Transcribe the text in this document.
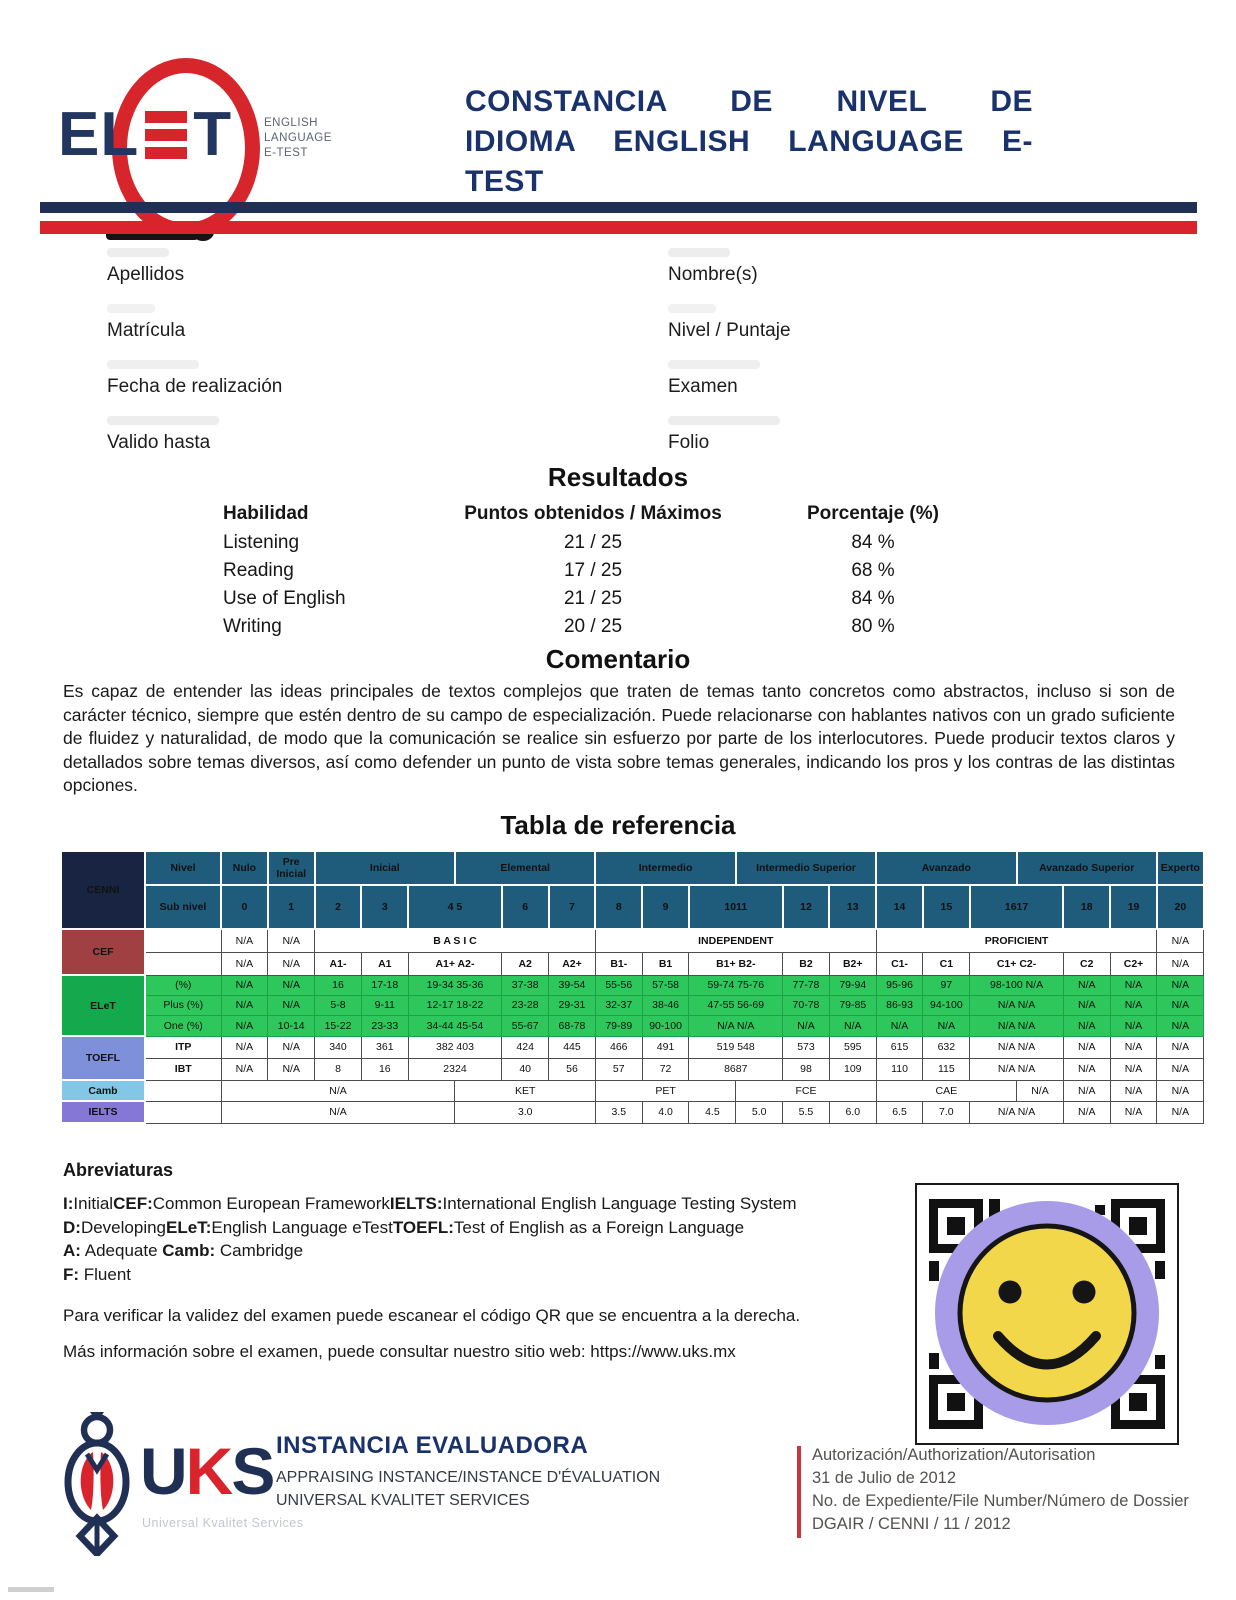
EL T	ENGLISH
LANGUAGE
E-TEST
CONSTANCIA DE NIVEL DE
IDIOMA ENGLISH LANGUAGE E-
TEST
Apellidos
Matrícula
Fecha de realización
Valido hasta
Nombre(s)
Nivel / Puntaje
Examen
Folio
Resultados
Habilidad	Puntos obtenidos / Máximos	Porcentaje (%)
Listening	21 / 25	84 %
Reading	17 / 25	68 %
Use of English	21 / 25	84 %
Writing	20 / 25	80 %
Comentario
Es capaz de entender las ideas principales de textos complejos que traten de temas tanto concretos como abstractos, incluso si son de carácter técnico, siempre que estén dentro de su campo de especialización. Puede relacionarse con hablantes nativos con un grado suficiente de fluidez y naturalidad, de modo que la comunicación se realice sin esfuerzo por parte de los interlocutores. Puede producir textos claros y detallados sobre temas diversos, así como defender un punto de vista sobre temas generales, indicando los pros y los contras de las distintas opciones.
Tabla de referencia
CENNI	Nivel	Nulo	Pre Inicial	Inicial			Elemental			Intermedio			Intermedio Superior			Avanzado			Avanzado Superior			Experto
	Sub nivel	0	1	2	3	4 5		6	7	8	9	1011		12	13	14	15	1617		18	19	20
CEF		N/A	N/A	B A S I C						INDEPENDENT						PROFICIENT						N/A
		N/A	N/A	A1-	A1	A1+ A2-		A2	A2+	B1-	B1	B1+ B2-		B2	B2+	C1-	C1	C1+ C2-		C2	C2+	N/A
ELeT	(%)	N/A	N/A	16	17-18	19-34 35-36		37-38	39-54	55-56	57-58	59-74 75-76		77-78	79-94	95-96	97	98-100 N/A		N/A	N/A	N/A
	Plus (%)	N/A	N/A	5-8	9-11	12-17 18-22		23-28	29-31	32-37	38-46	47-55 56-69		70-78	79-85	86-93	94-100	N/A N/A		N/A	N/A	N/A
	One (%)	N/A	10-14	15-22	23-33	34-44 45-54		55-67	68-78	79-89	90-100	N/A N/A		N/A	N/A	N/A	N/A	N/A N/A		N/A	N/A	N/A
TOEFL	ITP	N/A	N/A	340	361	382 403		424	445	466	491	519 548		573	595	615	632	N/A N/A		N/A	N/A	N/A
	IBT	N/A	N/A	8	16	2324		40	56	57	72	8687		98	109	110	115	N/A N/A		N/A	N/A	N/A
Camb		N/A					KET			PET			FCE			CAE			N/A	N/A	N/A	N/A
IELTS		N/A					3.0			3.5	4.0	4.5	5.0	5.5	6.0	6.5	7.0	N/A N/A		N/A	N/A	N/A
Abreviaturas
I:InitialCEF:Common European FrameworkIELTS:International English Language Testing System
D:DevelopingELeT:English Language eTestTOEFL:Test of English as a Foreign Language
A: Adequate Camb: Cambridge
F: Fluent
Para verificar la validez del examen puede escanear el código QR que se encuentra a la derecha.
Más información sobre el examen, puede consultar nuestro sitio web: https://www.uks.mx
UKS
Universal Kvalitet Services
INSTANCIA EVALUADORA
APPRAISING INSTANCE/INSTANCE D'ÉVALUATION
UNIVERSAL KVALITET SERVICES
Autorización/Authorization/Autorisation
31 de Julio de 2012
No. de Expediente/File Number/Número de Dossier
DGAIR / CENNI / 11 / 2012
